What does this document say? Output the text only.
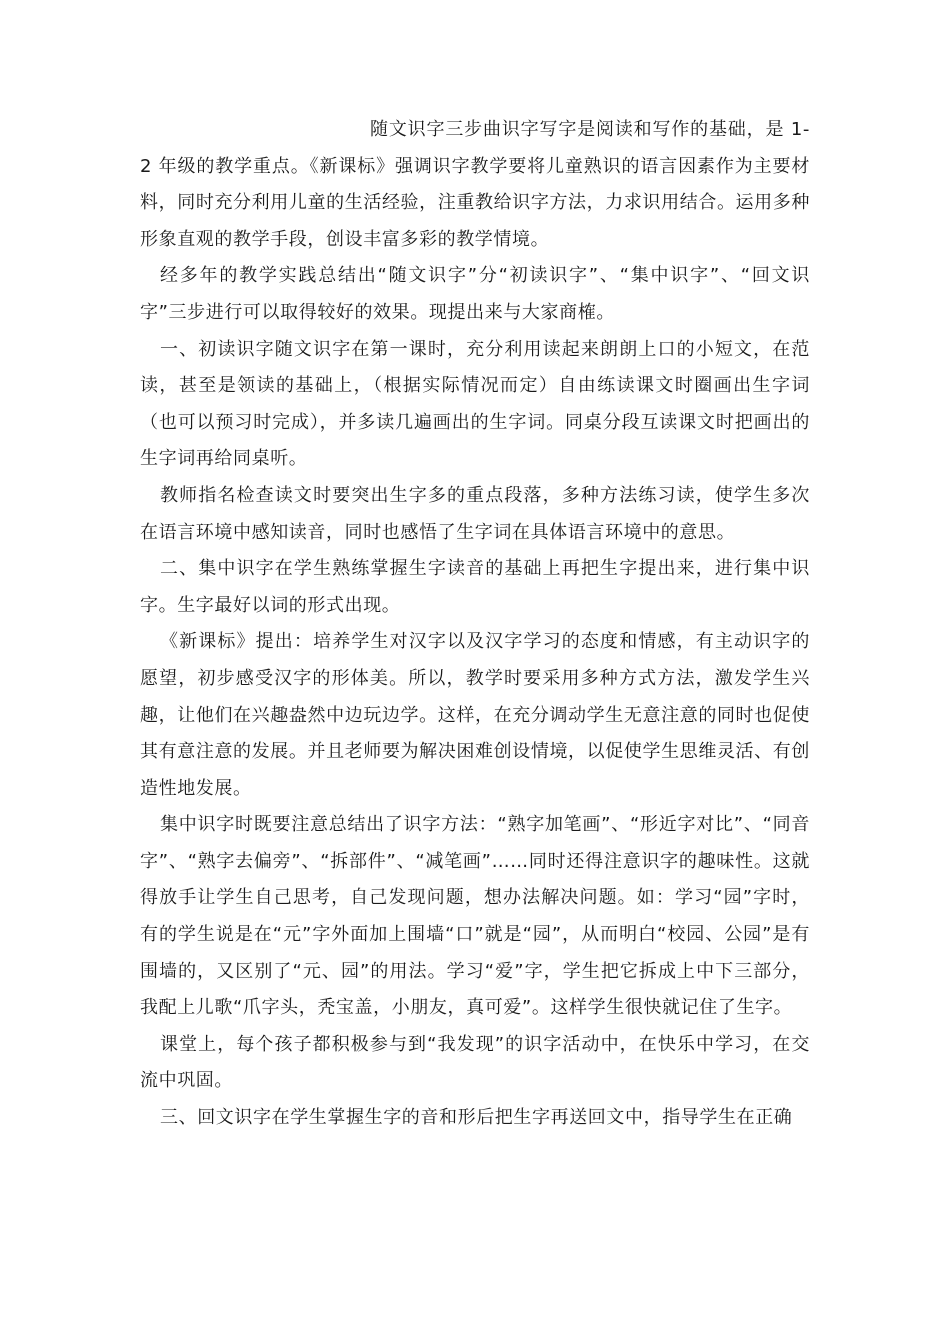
随文识字三步曲识字写字是阅读和写作的基础，是 1-2 年级的教学重点。《新课标》强调识字教学要将儿童熟识的语言因素作为主要材料，同时充分利用儿童的生活经验，注重教给识字方法，力求识用结合。运用多种形象直观的教学手段，创设丰富多彩的教学情境。

经多年的教学实践总结出“随文识字”分“初读识字”、“集中识字”、“回文识字”三步进行可以取得较好的效果。现提出来与大家商榷。

一、初读识字随文识字在第一课时，充分利用读起来朗朗上口的小短文，在范读，甚至是领读的基础上，（根据实际情况而定）自由练读课文时圈画出生字词（也可以预习时完成），并多读几遍画出的生字词。同桌分段互读课文时把画出的生字词再给同桌听。

教师指名检查读文时要突出生字多的重点段落，多种方法练习读，使学生多次在语言环境中感知读音，同时也感悟了生字词在具体语言环境中的意思。

二、集中识字在学生熟练掌握生字读音的基础上再把生字提出来，进行集中识字。生字最好以词的形式出现。

《新课标》提出：培养学生对汉字以及汉字学习的态度和情感，有主动识字的愿望，初步感受汉字的形体美。所以，教学时要采用多种方式方法，激发学生兴趣，让他们在兴趣盎然中边玩边学。这样，在充分调动学生无意注意的同时也促使其有意注意的发展。并且老师要为解决困难创设情境，以促使学生思维灵活、有创造性地发展。

集中识字时既要注意总结出了识字方法：“熟字加笔画”、“形近字对比”、“同音字”、“熟字去偏旁”、“拆部件”、“减笔画”……同时还得注意识字的趣味性。这就得放手让学生自己思考，自己发现问题，想办法解决问题。如：学习“园”字时，有的学生说是在“元”字外面加上围墙“口”就是“园”，从而明白“校园、公园”是有围墙的，又区别了“元、园”的用法。学习“爱”字，学生把它拆成上中下三部分，我配上儿歌“爪字头，秃宝盖，小朋友，真可爱”。这样学生很快就记住了生字。

课堂上，每个孩子都积极参与到“我发现”的识字活动中，在快乐中学习，在交流中巩固。

三、回文识字在学生掌握生字的音和形后把生字再送回文中，指导学生在正确
